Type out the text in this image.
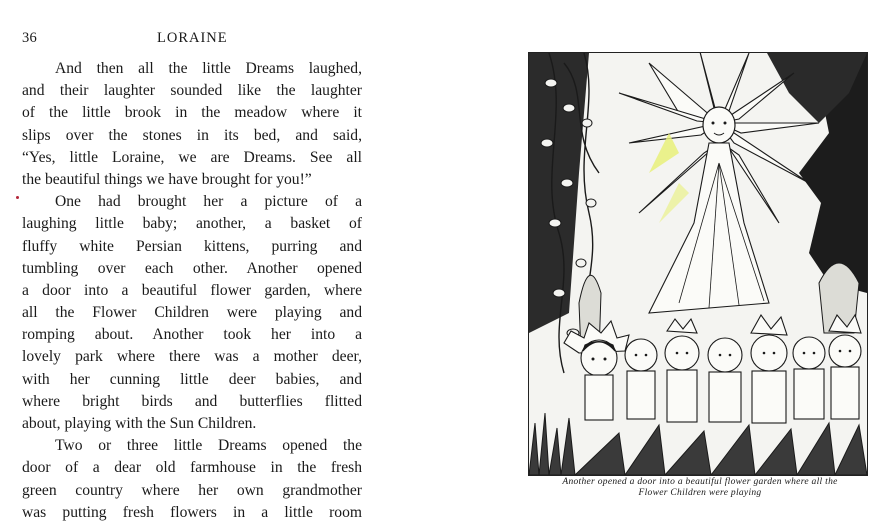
36	LORAINE
And then all the little Dreams laughed,
and their laughter sounded like the laughter
of the little brook in the meadow where it
slips over the stones in its bed, and said,
“Yes, little Loraine, we are Dreams. See all
the beautiful things we have brought for you!”
One had brought her a picture of a
laughing little baby; another, a basket of
fluffy white Persian kittens, purring and
tumbling over each other. Another opened
a door into a beautiful flower garden, where
all the Flower Children were playing and
romping about. Another took her into a
lovely park where there was a mother deer,
with her cunning little deer babies, and
where bright birds and butterflies flitted
about, playing with the Sun Children.
Two or three little Dreams opened the
door of a dear old farmhouse in the fresh
green country where her own grandmother
was putting fresh flowers in a little room
Another opened a door into a beautiful flower garden where all the
Flower Children were playing
